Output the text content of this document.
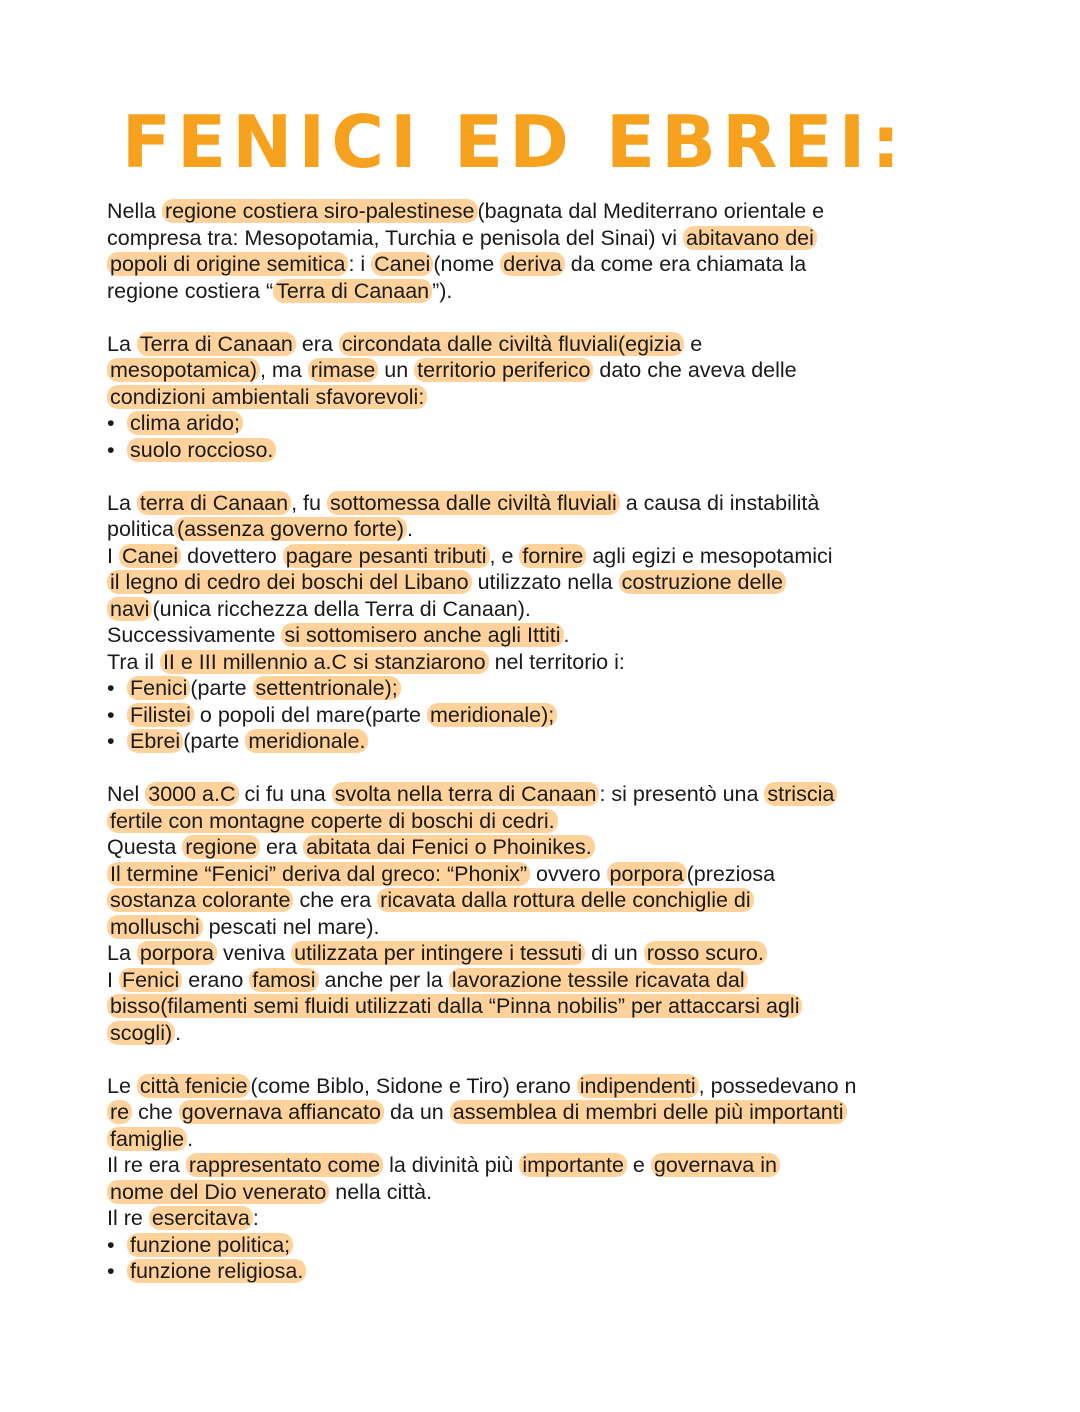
FENICI ED EBREI:
Nella regione costiera siro-palestinese (bagnata dal Mediterrano orientale e
compresa tra: Mesopotamia, Turchia e penisola del Sinai) vi abitavano dei
popoli di origine semitica : i Canei (nome deriva da come era chiamata la
regione costiera “ Terra di Canaan ”).
La Terra di Canaan era circondata dalle civiltà fluviali(egizia e
mesopotamica) , ma rimase un territorio periferico dato che aveva delle
condizioni ambientali sfavorevoli:
• clima arido;
• suolo roccioso.
La terra di Canaan , fu sottomessa dalle civiltà fluviali a causa di instabilità
politica (assenza governo forte) .
I Canei dovettero pagare pesanti tributi , e fornire agli egizi e mesopotamici
il legno di cedro dei boschi del Libano utilizzato nella costruzione delle
navi (unica ricchezza della Terra di Canaan).
Successivamente si sottomisero anche agli Ittiti .
Tra il II e III millennio a.C si stanziarono nel territorio i:
• Fenici (parte settentrionale);
• Filistei o popoli del mare(parte meridionale);
• Ebrei (parte meridionale.
Nel 3000 a.C ci fu una svolta nella terra di Canaan : si presentò una striscia
fertile con montagne coperte di boschi di cedri.
Questa regione era abitata dai Fenici o Phoinikes.
Il termine “Fenici” deriva dal greco: “Phonix” ovvero porpora (preziosa
sostanza colorante che era ricavata dalla rottura delle conchiglie di
molluschi pescati nel mare).
La porpora veniva utilizzata per intingere i tessuti di un rosso scuro.
I Fenici erano famosi anche per la lavorazione tessile ricavata dal
bisso(filamenti semi fluidi utilizzati dalla “Pinna nobilis” per attaccarsi agli
scogli) .
Le città fenicie (come Biblo, Sidone e Tiro) erano indipendenti , possedevano n
re che governava affiancato da un assemblea di membri delle più importanti
famiglie .
Il re era rappresentato come la divinità più importante e governava in
nome del Dio venerato nella città.
Il re esercitava :
• funzione politica;
• funzione religiosa.
